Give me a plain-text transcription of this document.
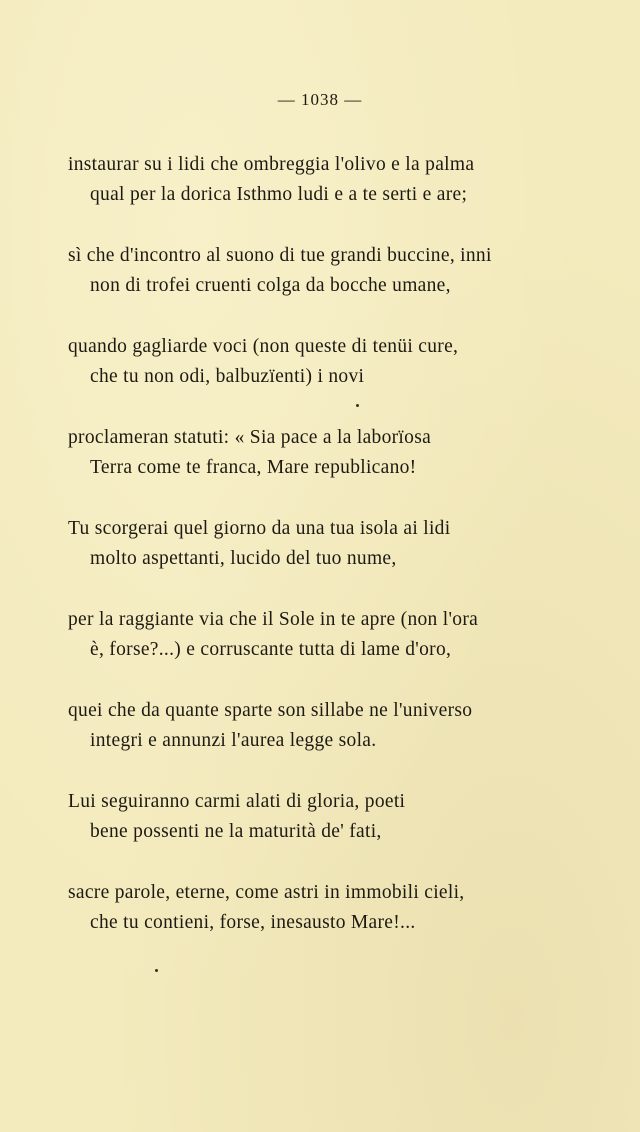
— 1038 —
instaurar su i lidi che ombreggia l'olivo e la palma
qual per la dorica Isthmo ludi e a te serti e are;
sì che d'incontro al suono di tue grandi buccine, inni
non di trofei cruenti colga da bocche umane,
quando gagliarde voci (non queste di tenüi cure,
che tu non odi, balbuzïenti) i novi
proclameran statuti: « Sia pace a la laborïosa
Terra come te franca, Mare republicano!
Tu scorgerai quel giorno da una tua isola ai lidi
molto aspettanti, lucido del tuo nume,
per la raggiante via che il Sole in te apre (non l'ora
è, forse?...) e corruscante tutta di lame d'oro,
quei che da quante sparte son sillabe ne l'universo
integri e annunzi l'aurea legge sola.
Lui seguiranno carmi alati di gloria, poeti
bene possenti ne la maturità de' fati,
sacre parole, eterne, come astri in immobili cieli,
che tu contieni, forse, inesausto Mare!...
